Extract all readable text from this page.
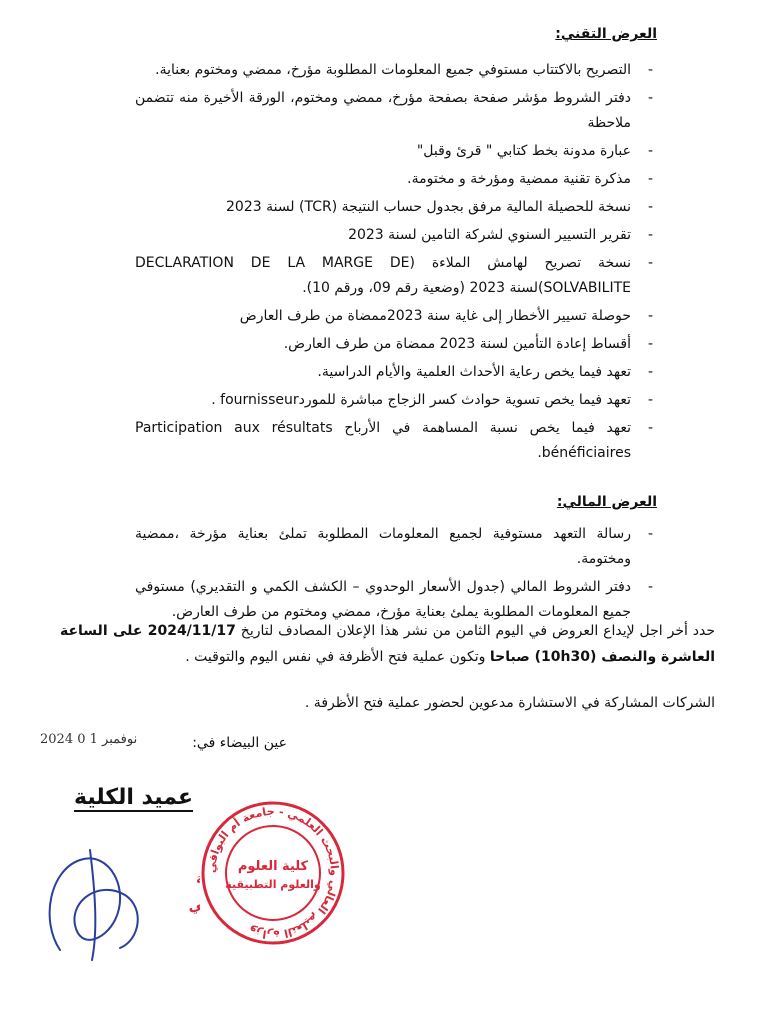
العرض التقني:
- التصريح بالاكتتاب مستوفي جميع المعلومات المطلوبة مؤرخ، ممضي ومختوم بعناية.
- دفتر الشروط مؤشر صفحة بصفحة مؤرخ، ممضي ومختوم، الورقة الأخيرة منه تتضمن ملاحظة
- عبارة مدونة بخط كتابي " قرئ وقبل"
- مذكرة تقنية ممضية ومؤرخة و مختومة.
- نسخة للحصيلة المالية مرفق بجدول حساب النتيجة (TCR) لسنة 2023
- تقرير التسيير السنوي لشركة التامين لسنة 2023
- نسخة تصريح لهامش الملاءة (DECLARATION DE LA MARGE DE SOLVABILITE)لسنة 2023 (وضعية رقم 09، ورقم 10).
- حوصلة تسيير الأخطار إلى غاية سنة 2023ممضاة من طرف العارض
- أقساط إعادة التأمين لسنة 2023 ممضاة من طرف العارض.
- تعهد فيما يخص رعاية الأحداث العلمية والأيام الدراسية.
- تعهد فيما يخص تسوية حوادث كسر الزجاج مباشرة للموردfournisseur .
- تعهد فيما يخص نسبة المساهمة في الأرباح Participation aux résultats bénéficiaires.
العرض المالي:
- رسالة التعهد مستوفية لجميع المعلومات المطلوبة تملئ بعناية مؤرخة ،ممضية ومختومة.
- دفتر الشروط المالي (جدول الأسعار الوحدوي – الكشف الكمي و التقديري) مستوفي جميع المعلومات المطلوبة يملئ بعناية مؤرخ، ممضي ومختوم من طرف العارض.
حدد أخر اجل لإيداع العروض في اليوم الثامن من نشر هذا الإعلان المصادف لتاريخ 2024/11/17 على الساعة العاشرة والنصف (10h30) صباحا وتكون عملية فتح الأظرفة في نفس اليوم والتوقيت .
الشركات المشاركة في الاستشارة مدعوين لحضور عملية فتح الأظرفة .
عين البيضاء في:
2024 نوفمبر 1 0
عميد الكلية
وزارة التعليم العالي والبحث العلمي - جامعة أم البواقي
كلية العلوم
والعلوم التطبيقية
التطبيقية
شرقي
